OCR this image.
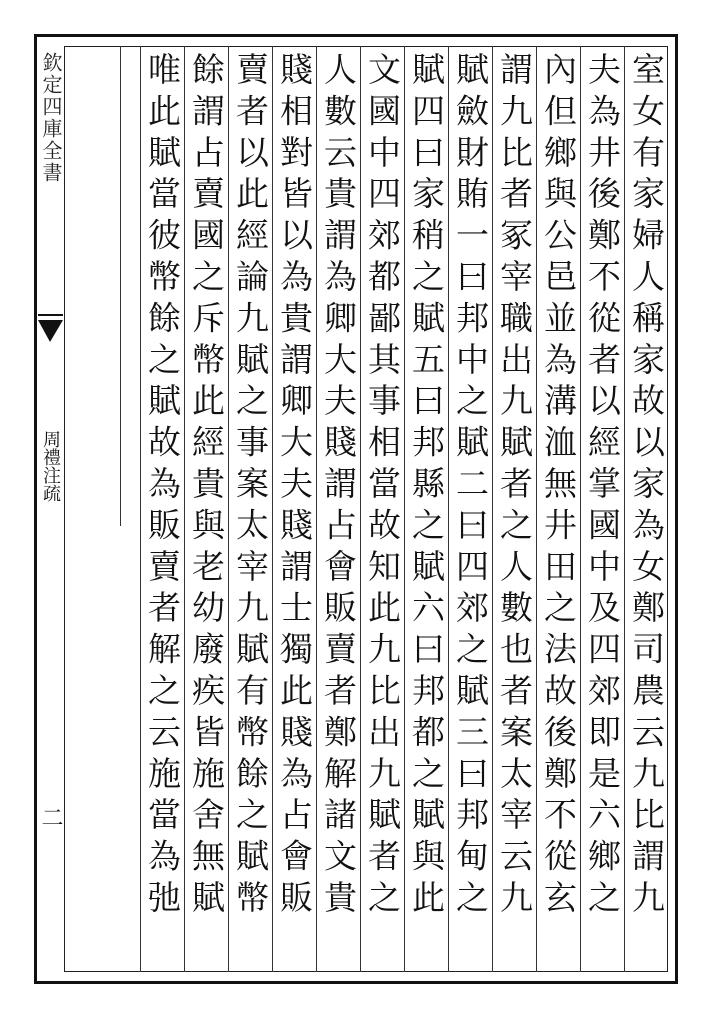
欽定四庫全書
周禮注疏
二	室女有家婦人稱家故以家為女鄭司農云九比謂九
夫為井後鄭不從者以經掌國中及四郊即是六鄉之
內但鄉與公邑並為溝洫無井田之法故後鄭不從玄
謂九比者冢宰職出九賦者之人數也者案太宰云九
賦斂財賄一曰邦中之賦二曰四郊之賦三曰邦甸之
賦四曰家稍之賦五曰邦縣之賦六曰邦都之賦與此
文國中四郊都鄙其事相當故知此九比出九賦者之
人數云貴謂為卿大夫賤謂占會販賣者鄭解諸文貴
賤相對皆以為貴謂卿大夫賤謂士獨此賤為占會販
賣者以此經論九賦之事案太宰九賦有幣餘之賦幣
餘謂占賣國之斥幣此經貴與老幼廢疾皆施舍無賦
唯此賦當彼幣餘之賦故為販賣者解之云施當為弛
